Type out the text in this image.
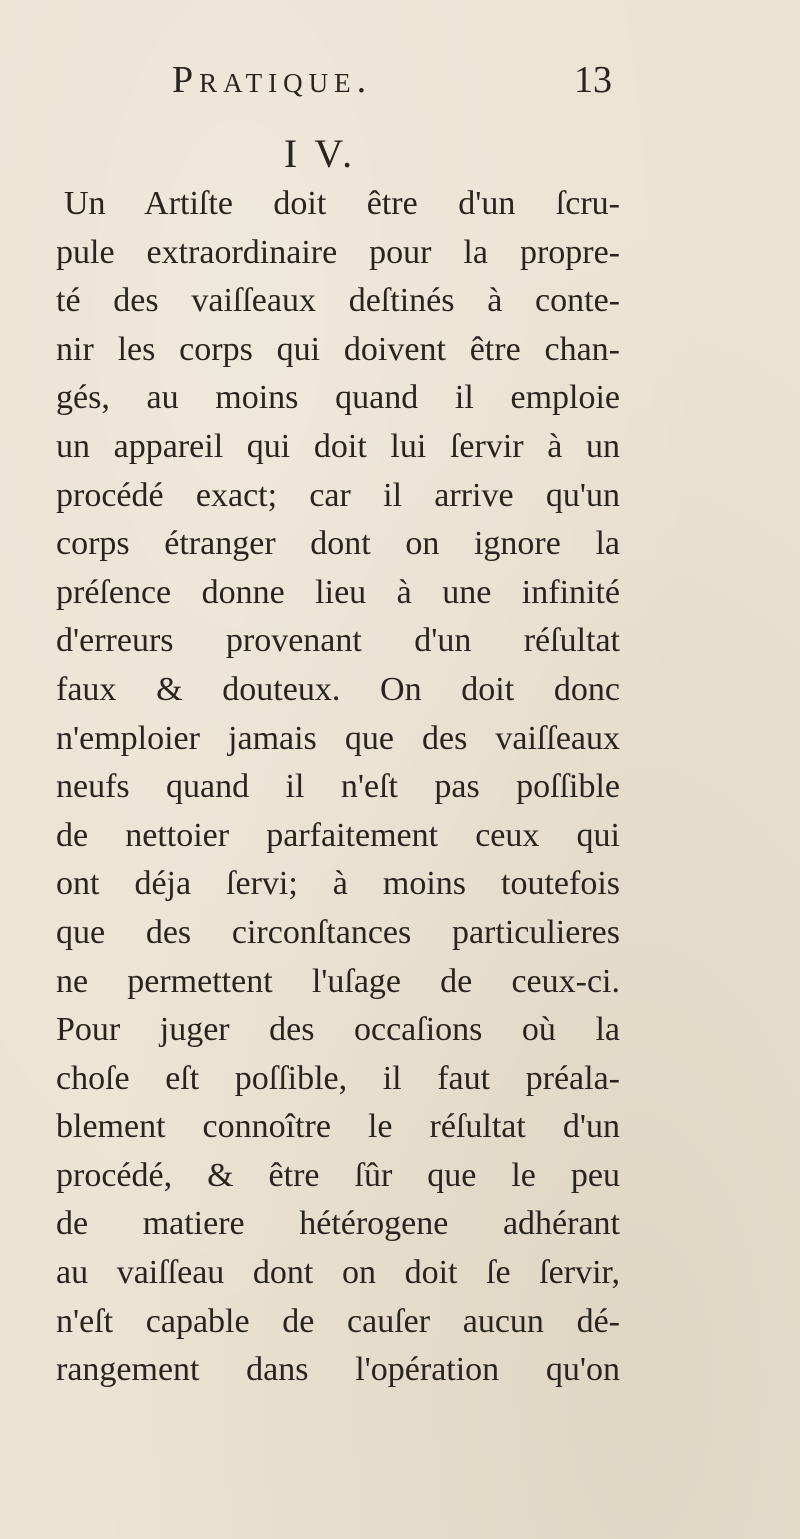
Pratique.	13
I V.
Un Artiſte doit être d'un ſcru-
pule extraordinaire pour la propre-
té des vaiſſeaux deſtinés à conte-
nir les corps qui doivent être chan-
gés, au moins quand il emploie
un appareil qui doit lui ſervir à un
procédé exact; car il arrive qu'un
corps étranger dont on ignore la
préſence donne lieu à une infinité
d'erreurs provenant d'un réſultat
faux & douteux. On doit donc
n'emploier jamais que des vaiſſeaux
neufs quand il n'eſt pas poſſible
de nettoier parfaitement ceux qui
ont déja ſervi; à moins toutefois
que des circonſtances particulieres
ne permettent l'uſage de ceux-ci.
Pour juger des occaſions où la
choſe eſt poſſible, il faut préala-
blement connoître le réſultat d'un
procédé, & être ſûr que le peu
de matiere hétérogene adhérant
au vaiſſeau dont on doit ſe ſervir,
n'eſt capable de cauſer aucun dé-
rangement dans l'opération qu'on
